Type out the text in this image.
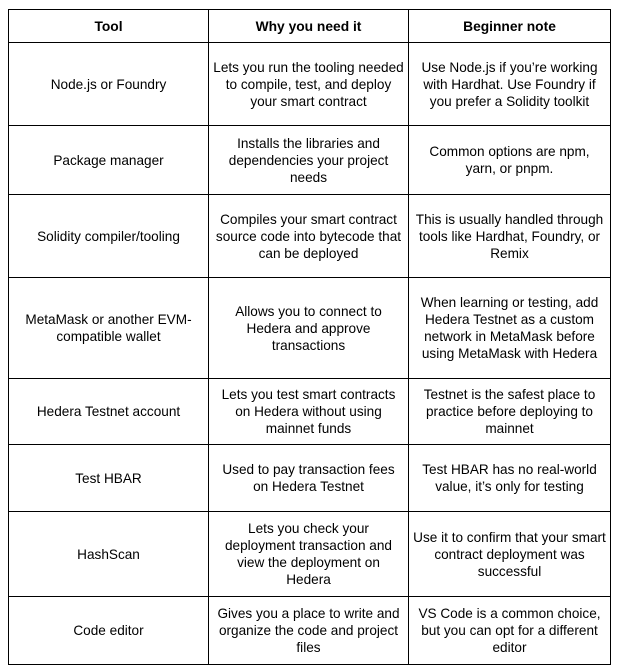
Tool	Why you need it	Beginner note
Node.js or Foundry	Lets you run the tooling needed to compile, test, and deploy your smart contract	Use Node.js if you’re working with Hardhat. Use Foundry if you prefer a Solidity toolkit
Package manager	Installs the libraries and dependencies your project needs	Common options are npm, yarn, or pnpm.
Solidity compiler/tooling	Compiles your smart contract source code into bytecode that can be deployed	This is usually handled through tools like Hardhat, Foundry, or Remix
MetaMask or another EVM-compatible wallet	Allows you to connect to Hedera and approve transactions	When learning or testing, add Hedera Testnet as a custom network in MetaMask before using MetaMask with Hedera
Hedera Testnet account	Lets you test smart contracts on Hedera without using mainnet funds	Testnet is the safest place to practice before deploying to mainnet
Test HBAR	Used to pay transaction fees on Hedera Testnet	Test HBAR has no real-world value, it’s only for testing
HashScan	Lets you check your deployment transaction and view the deployment on Hedera	Use it to confirm that your smart contract deployment was successful
Code editor	Gives you a place to write and organize the code and project files	VS Code is a common choice, but you can opt for a different editor
